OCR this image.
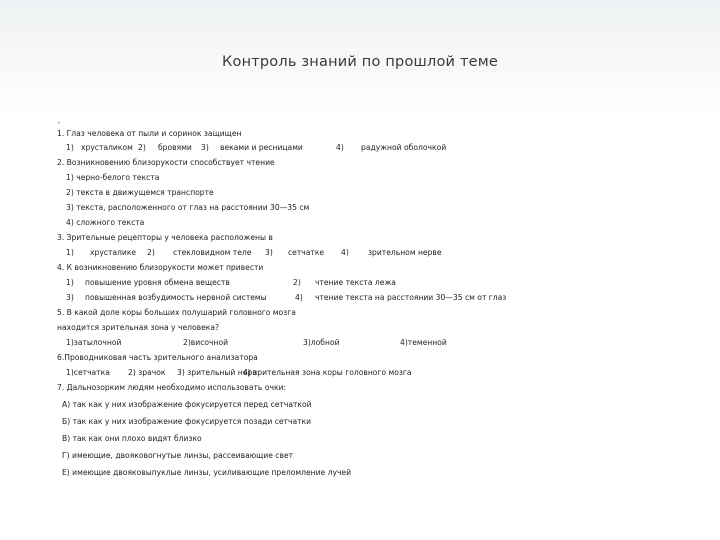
Контроль знаний по прошлой теме
•
1. Глаз человека от пыли и соринок защищен
1) хрусталиком 2) бровями 3) веками и ресницами	4) радужной оболочкой
2. Возникновению близорукости способствует чтение
1) черно-белого текста
2) текста в движущемся транспорте
3) текста, расположенного от глаз на расстоянии 30—35 см
4) сложного текста
3. Зрительные рецепторы у человека расположены в
1) хрусталике 2) стекловидном теле 3) сетчатке 4)	зрительном нерве
4. К возникновению близорукости может привести
1) повышение уровня обмена веществ	2) чтение текста лежа
3) повышенная возбудимость нервной системы	4) чтение текста на расстоянии 30—35 см от глаз
5. В какой доле коры больших полушарий головного мозга
находится зрительная зона у человека?
1)затылочной	2)височной	3)лобной	4)теменной
6.Проводниковая часть зрительного анализатора
1)сетчатка 2) зрачок 3) зрительный нерв
4) зрительная зона коры головного мозга
7. Дальнозорким людям необходимо использовать очки:
А) так как у них изображение фокусируется перед сетчаткой
Б) так как у них изображение фокусируется позади сетчатки
В) так как они плохо видят близко
Г) имеющие, двояковогнутые линзы, рассеивающие свет
Е) имеющие двояковыпуклые линзы, усиливающие преломление лучей
